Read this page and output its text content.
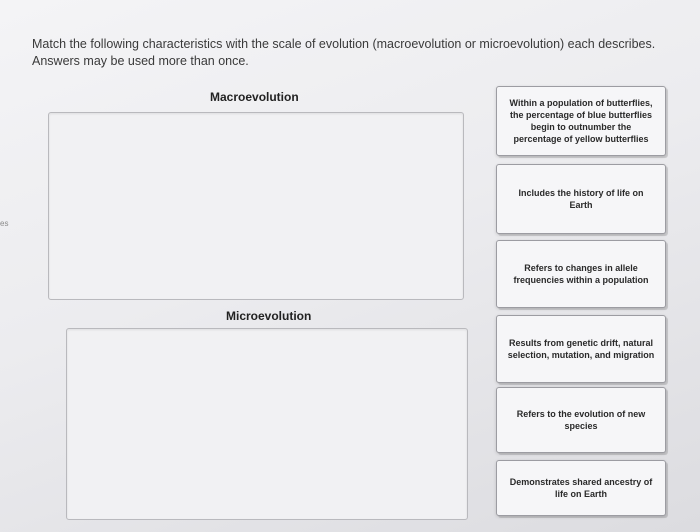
Match the following characteristics with the scale of evolution (macroevolution or microevolution) each describes.
Answers may be used more than once.
es
Macroevolution
Microevolution
Within a population of butterflies, the percentage of blue butterflies begin to outnumber the percentage of yellow butterflies
Includes the history of life on Earth
Refers to changes in allele frequencies within a population
Results from genetic drift, natural selection, mutation, and migration
Refers to the evolution of new species
Demonstrates shared ancestry of life on Earth
